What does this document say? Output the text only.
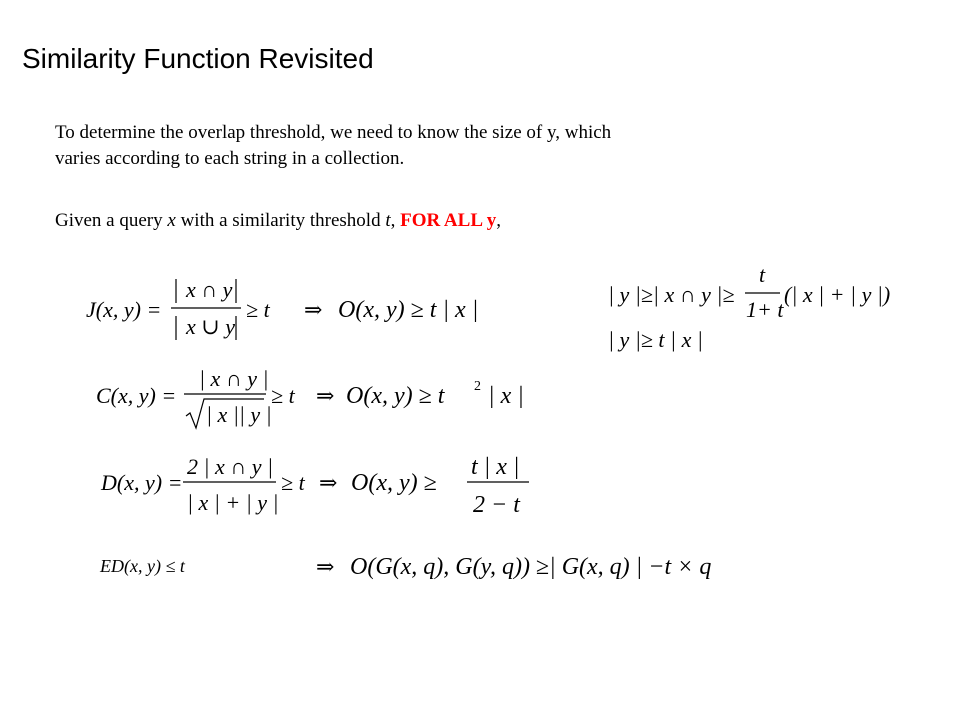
Similarity Function Revisited
To determine the overlap threshold, we need to know the size of y, which
varies according to each string in a collection.
Given a query x with a similarity threshold t, FOR ALL y,
J(x, y) =
x ∩ y
x ∪ y
≥ t ⇒ O(x, y) ≥ t | x |
| y |≥| x ∩ y |≥
t
1+ t
(| x | + | y |)
| y |≥ t | x |
C(x, y) =
| x ∩ y |
| x || y |
≥ t ⇒ O(x, y) ≥ t 2 | x |
D(x, y) =
2 | x ∩ y |
| x | + | y |
≥ t ⇒ O(x, y) ≥
t | x |
2 − t
ED(x, y) ≤ t	⇒ O(G(x, q), G(y, q)) ≥| G(x, q) | −t × q
